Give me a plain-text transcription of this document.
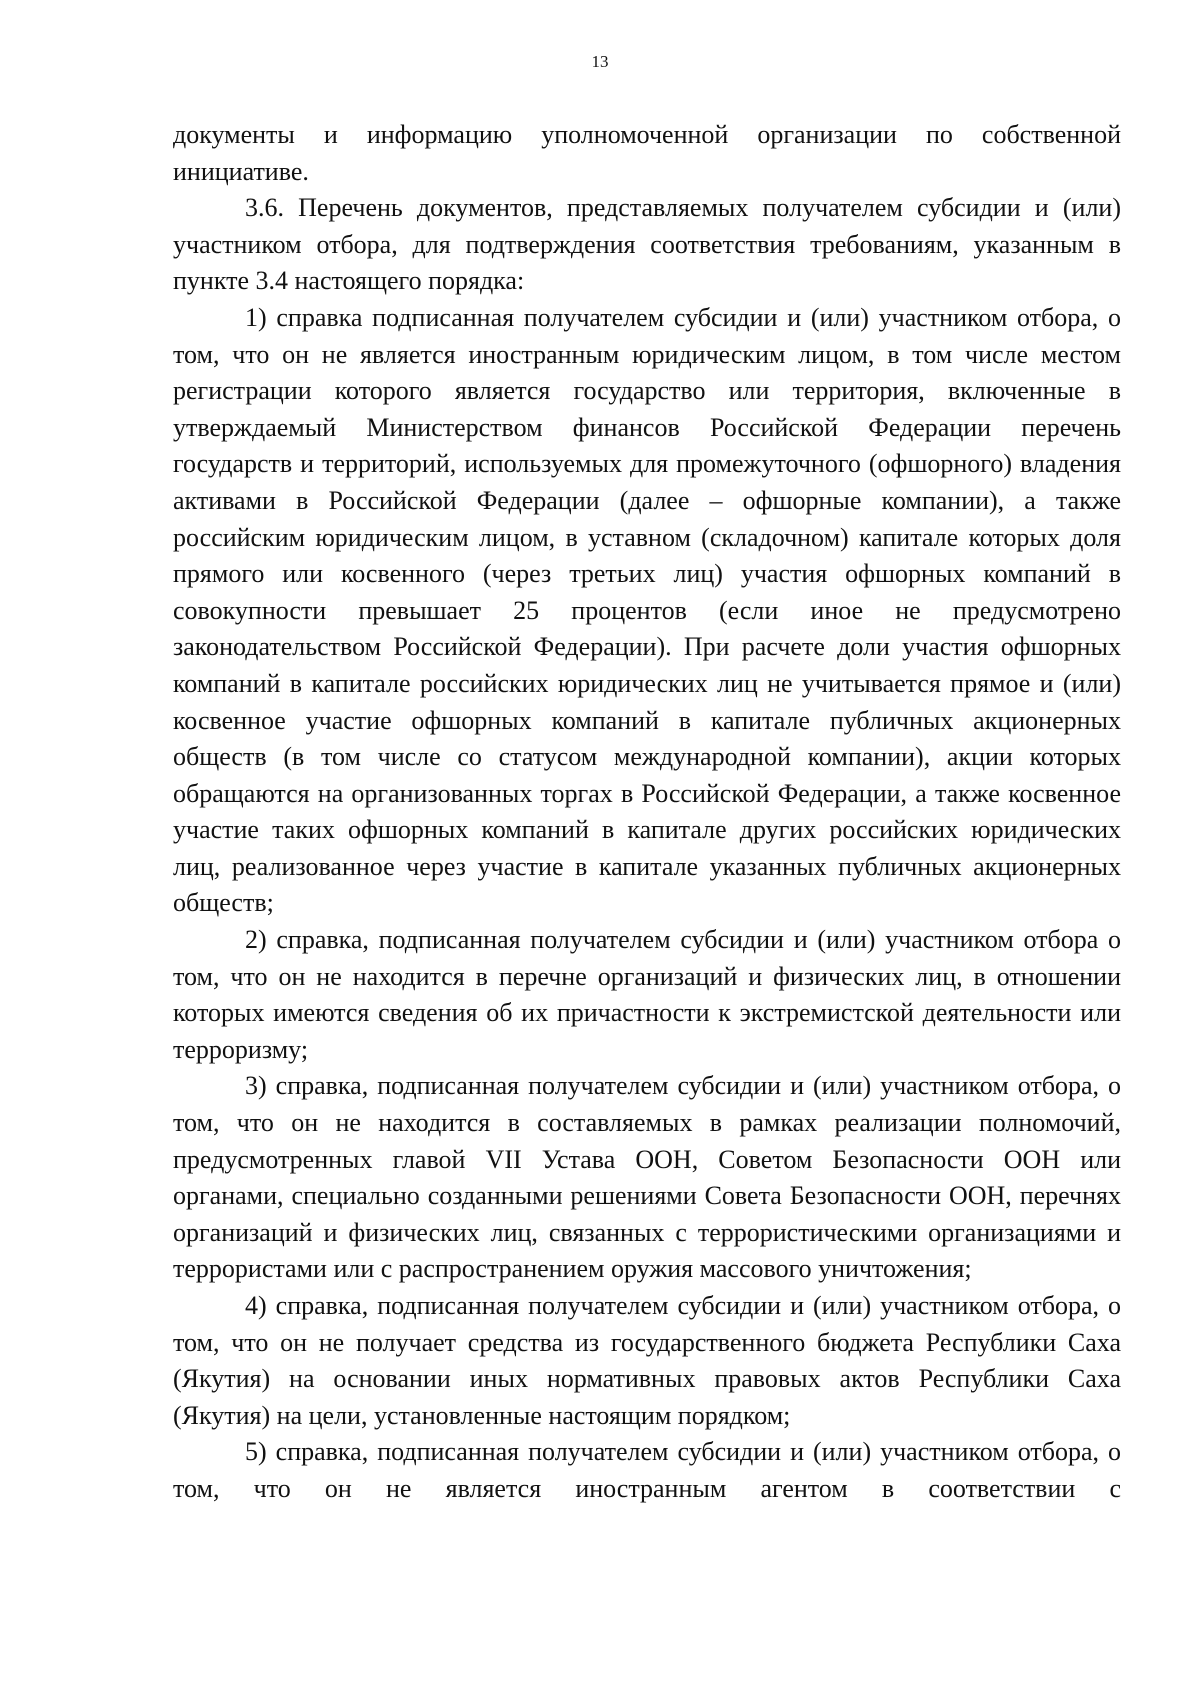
13

документы и информацию уполномоченной организации по собственной инициативе.

3.6. Перечень документов, представляемых получателем субсидии и (или) участником отбора, для подтверждения соответствия требованиям, указанным в пункте 3.4 настоящего порядка:

1) справка подписанная получателем субсидии и (или) участником отбора, о том, что он не является иностранным юридическим лицом, в том числе местом регистрации которого является государство или территория, включенные в утверждаемый Министерством финансов Российской Федерации перечень государств и территорий, используемых для промежуточного (офшорного) владения активами в Российской Федерации (далее – офшорные компании), а также российским юридическим лицом, в уставном (складочном) капитале которых доля прямого или косвенного (через третьих лиц) участия офшорных компаний в совокупности превышает 25 процентов (если иное не предусмотрено законодательством Российской Федерации). При расчете доли участия офшорных компаний в капитале российских юридических лиц не учитывается прямое и (или) косвенное участие офшорных компаний в капитале публичных акционерных обществ (в том числе со статусом международной компании), акции которых обращаются на организованных торгах в Российской Федерации, а также косвенное участие таких офшорных компаний в капитале других российских юридических лиц, реализованное через участие в капитале указанных публичных акционерных обществ;

2) справка, подписанная получателем субсидии и (или) участником отбора о том, что он не находится в перечне организаций и физических лиц, в отношении которых имеются сведения об их причастности к экстремистской деятельности или терроризму;

3) справка, подписанная получателем субсидии и (или) участником отбора, о том, что он не находится в составляемых в рамках реализации полномочий, предусмотренных главой VII Устава ООН, Советом Безопасности ООН или органами, специально созданными решениями Совета Безопасности ООН, перечнях организаций и физических лиц, связанных с террористическими организациями и террористами или с распространением оружия массового уничтожения;

4) справка, подписанная получателем субсидии и (или) участником отбора, о том, что он не получает средства из государственного бюджета Республики Саха (Якутия) на основании иных нормативных правовых актов Республики Саха (Якутия) на цели, установленные настоящим порядком;

5) справка, подписанная получателем субсидии и (или) участником отбора, о том, что он не является иностранным агентом в соответствии с
